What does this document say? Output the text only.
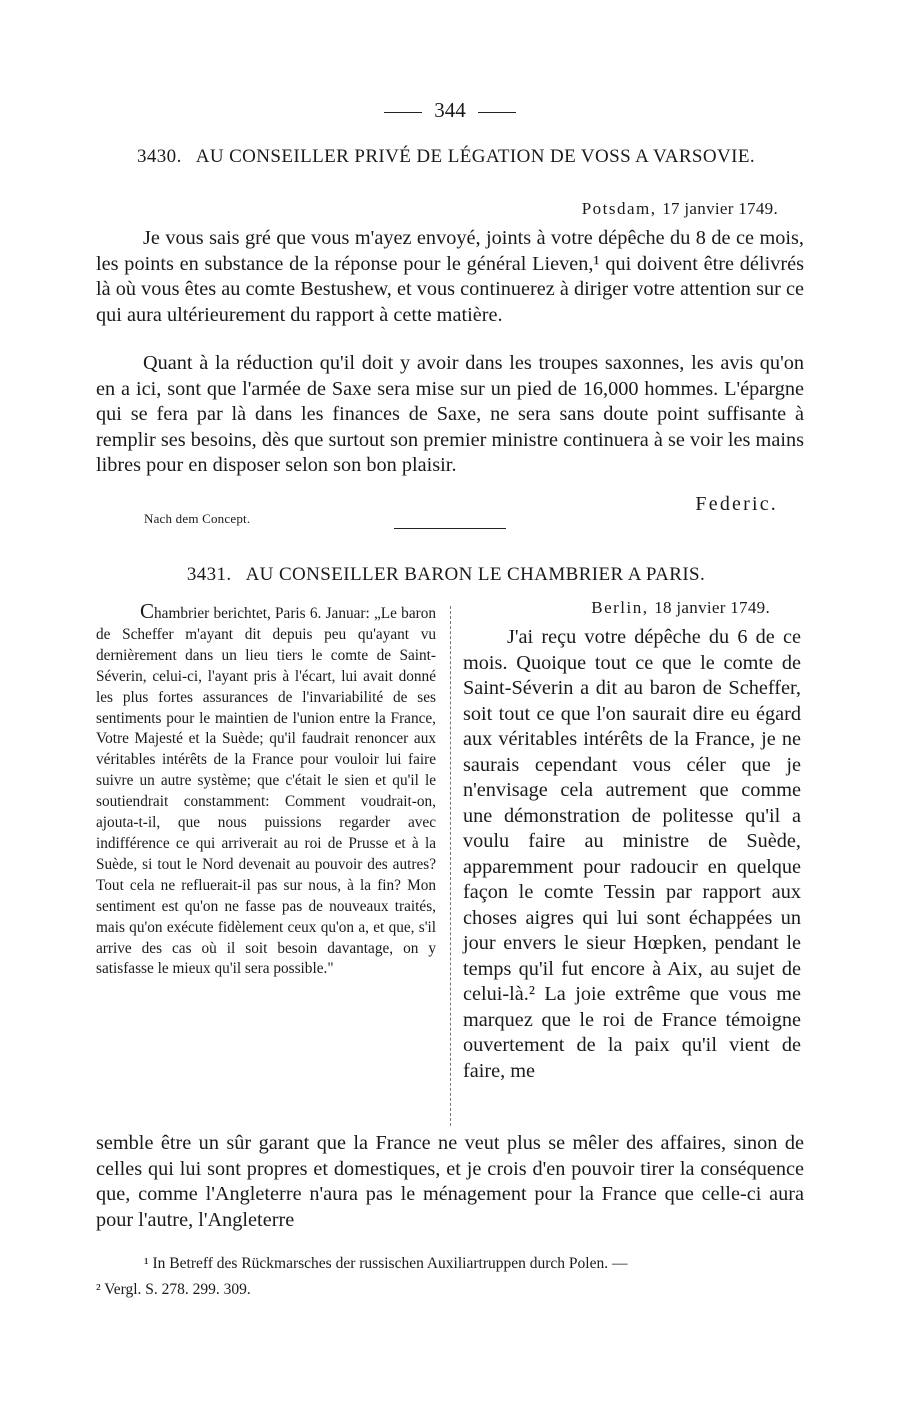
344
3430. AU CONSEILLER PRIVÉ DE LÉGATION DE VOSS A VARSOVIE.
Potsdam, 17 janvier 1749.

Je vous sais gré que vous m'ayez envoyé, joints à votre dépêche du 8 de ce mois, les points en substance de la réponse pour le général Lieven,¹ qui doivent être délivrés là où vous êtes au comte Bestushew, et vous continuerez à diriger votre attention sur ce qui aura ultérieurement du rapport à cette matière.

Quant à la réduction qu'il doit y avoir dans les troupes saxonnes, les avis qu'on en a ici, sont que l'armée de Saxe sera mise sur un pied de 16,000 hommes. L'épargne qui se fera par là dans les finances de Saxe, ne sera sans doute point suffisante à remplir ses besoins, dès que surtout son premier ministre continuera à se voir les mains libres pour en disposer selon son bon plaisir.

Federic.
Nach dem Concept.
3431. AU CONSEILLER BARON LE CHAMBRIER A PARIS.
Berlin, 18 janvier 1749.

Chambrier berichtet, Paris 6. Januar: „Le baron de Scheffer m'ayant dit depuis peu qu'ayant vu dernièrement dans un lieu tiers le comte de Saint-Séverin, celui-ci, l'ayant pris à l'écart, lui avait donné les plus fortes assurances de l'invariabilité de ses sentiments pour le maintien de l'union entre la France, Votre Majesté et la Suède; qu'il faudrait renoncer aux véritables intérêts de la France pour vouloir lui faire suivre un autre système; que c'était le sien et qu'il le soutiendrait constamment: Comment voudrait-on, ajouta-t-il, que nous puissions regarder avec indifférence ce qui arriverait au roi de Prusse et à la Suède, si tout le Nord devenait au pouvoir des autres? Tout cela ne refluerait-il pas sur nous, à la fin? Mon sentiment est qu'on ne fasse pas de nouveaux traités, mais qu'on exécute fidèlement ceux qu'on a, et que, s'il arrive des cas où il soit besoin davantage, on y satisfasse le mieux qu'il sera possible."

J'ai reçu votre dépêche du 6 de ce mois. Quoique tout ce que le comte de Saint-Séverin a dit au baron de Scheffer, soit tout ce que l'on saurait dire eu égard aux véritables intérêts de la France, je ne saurais cependant vous céler que je n'envisage cela autrement que comme une démonstration de politesse qu'il a voulu faire au ministre de Suède, apparemment pour radoucir en quelque façon le comte Tessin par rapport aux choses aigres qui lui sont échappées un jour envers le sieur Hœpken, pendant le temps qu'il fut encore à Aix, au sujet de celui-là.² La joie extrême que vous me marquez que le roi de France témoigne ouvertement de la paix qu'il vient de faire, me

semble être un sûr garant que la France ne veut plus se mêler des affaires, sinon de celles qui lui sont propres et domestiques, et je crois d'en pouvoir tirer la conséquence que, comme l'Angleterre n'aura pas le ménagement pour la France que celle-ci aura pour l'autre, l'Angleterre

¹ In Betreff des Rückmarsches der russischen Auxiliartruppen durch Polen. —
² Vergl. S. 278. 299. 309.
